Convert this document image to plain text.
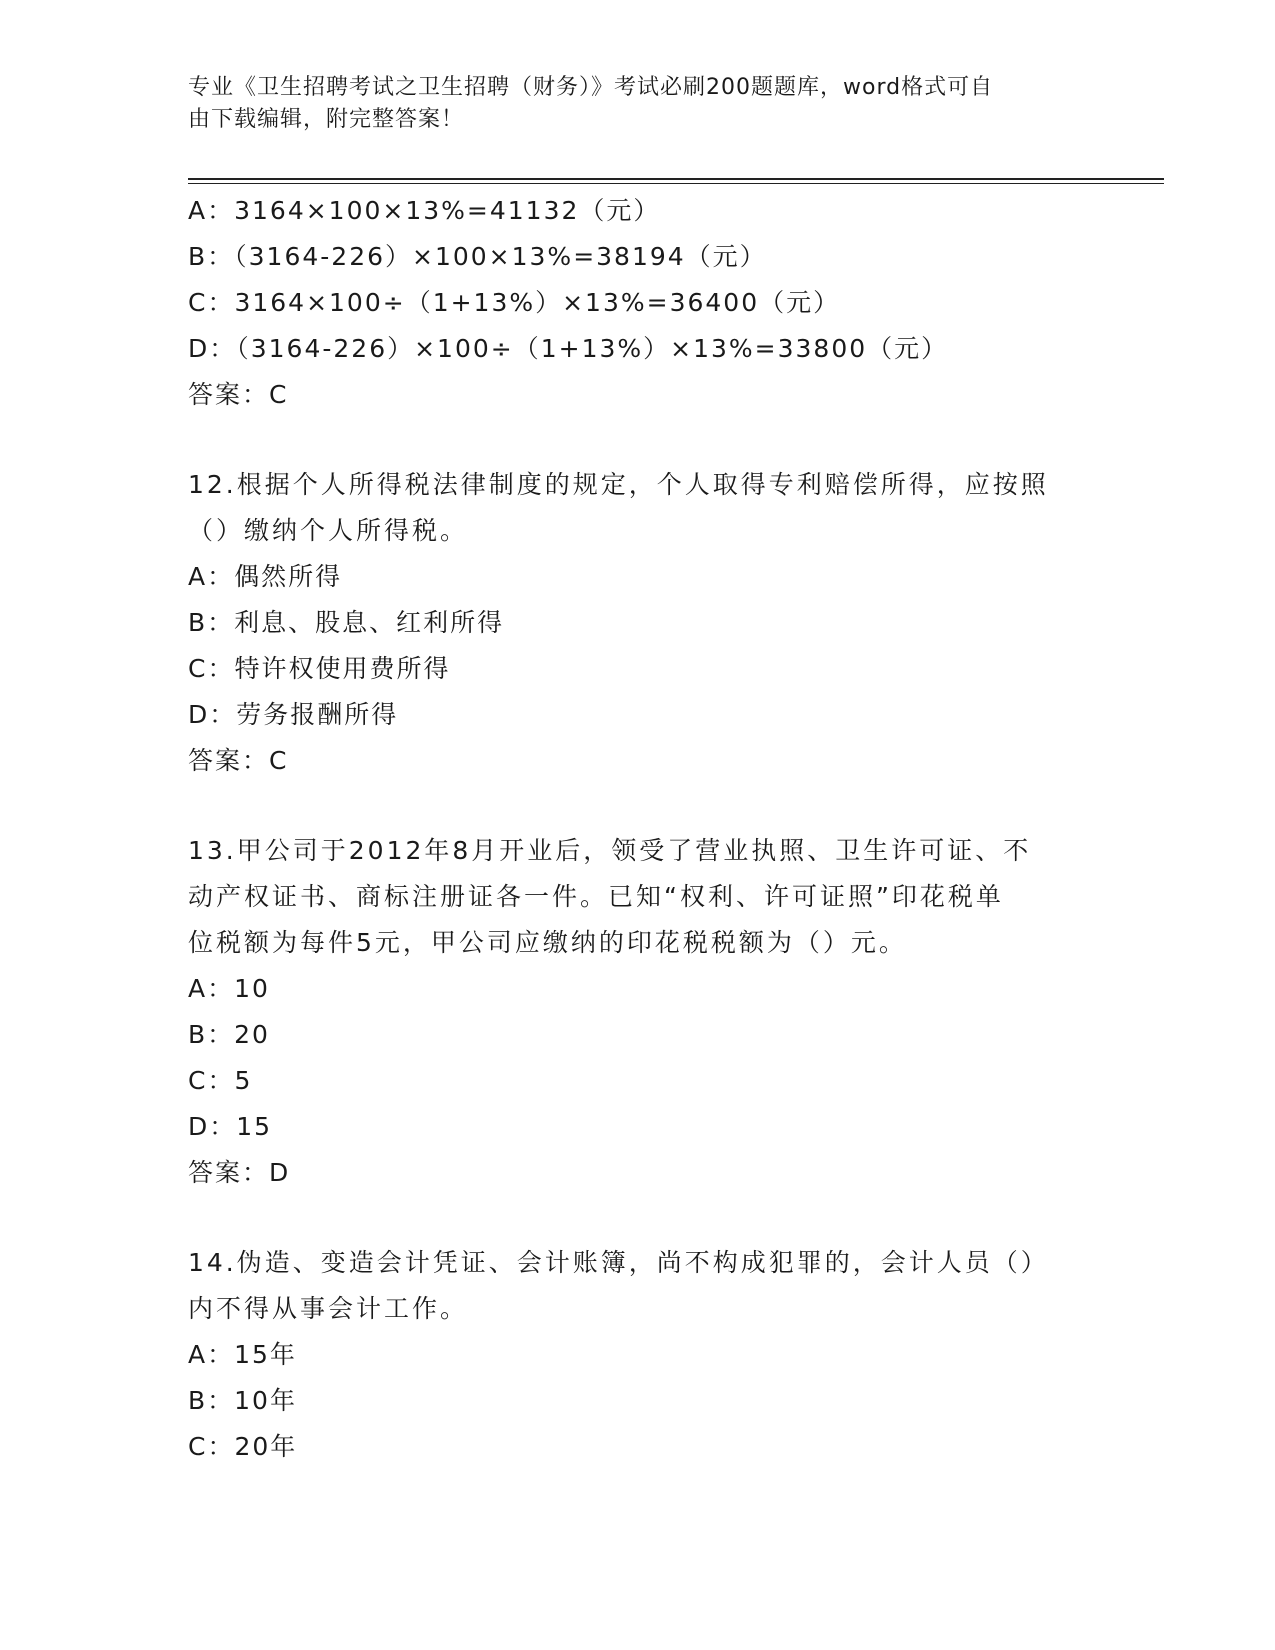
专业《卫生招聘考试之卫生招聘（财务）》考试必刷200题题库，word格式可自
由下载编辑，附完整答案！
A：3164×100×13%=41132（元）
B：（3164-226）×100×13%=38194（元）
C：3164×100÷（1+13%）×13%=36400（元）
D：（3164-226）×100÷（1+13%）×13%=33800（元）
答案：C
12.根据个人所得税法律制度的规定，个人取得专利赔偿所得，应按照
（）缴纳个人所得税。
A：偶然所得
B：利息、股息、红利所得
C：特许权使用费所得
D：劳务报酬所得
答案：C
13.甲公司于2012年8月开业后，领受了营业执照、卫生许可证、不
动产权证书、商标注册证各一件。已知“权利、许可证照”印花税单
位税额为每件5元，甲公司应缴纳的印花税税额为（）元。
A：10
B：20
C：5
D：15
答案：D
14.伪造、变造会计凭证、会计账簿，尚不构成犯罪的，会计人员（）
内不得从事会计工作。
A：15年
B：10年
C：20年
